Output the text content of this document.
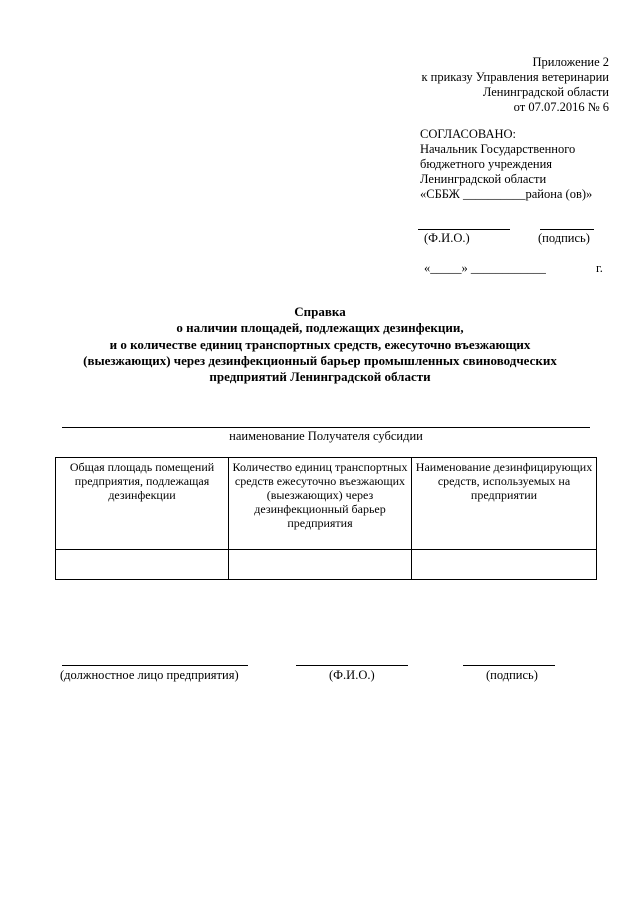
Приложение 2
к приказу Управления ветеринарии
Ленинградской области
от 07.07.2016 № 6
СОГЛАСОВАНО:
Начальник Государственного
бюджетного учреждения
Ленинградской области
«СББЖ __________района (ов)»
(Ф.И.О.)	(подпись)
«_____» ____________	г.
Справка
о наличии площадей, подлежащих дезинфекции,
и о количестве единиц транспортных средств, ежесуточно въезжающих
(выезжающих) через дезинфекционный барьер промышленных свиноводческих
предприятий Ленинградской области
наименование Получателя субсидии
Общая площадь помещений предприятия, подлежащая дезинфекции	Количество единиц транспортных средств ежесуточно въезжающих (выезжающих) через дезинфекционный барьер предприятия	Наименование дезинфицирующих средств, используемых на предприятии

(должностное лицо предприятия)	(Ф.И.О.)	(подпись)
